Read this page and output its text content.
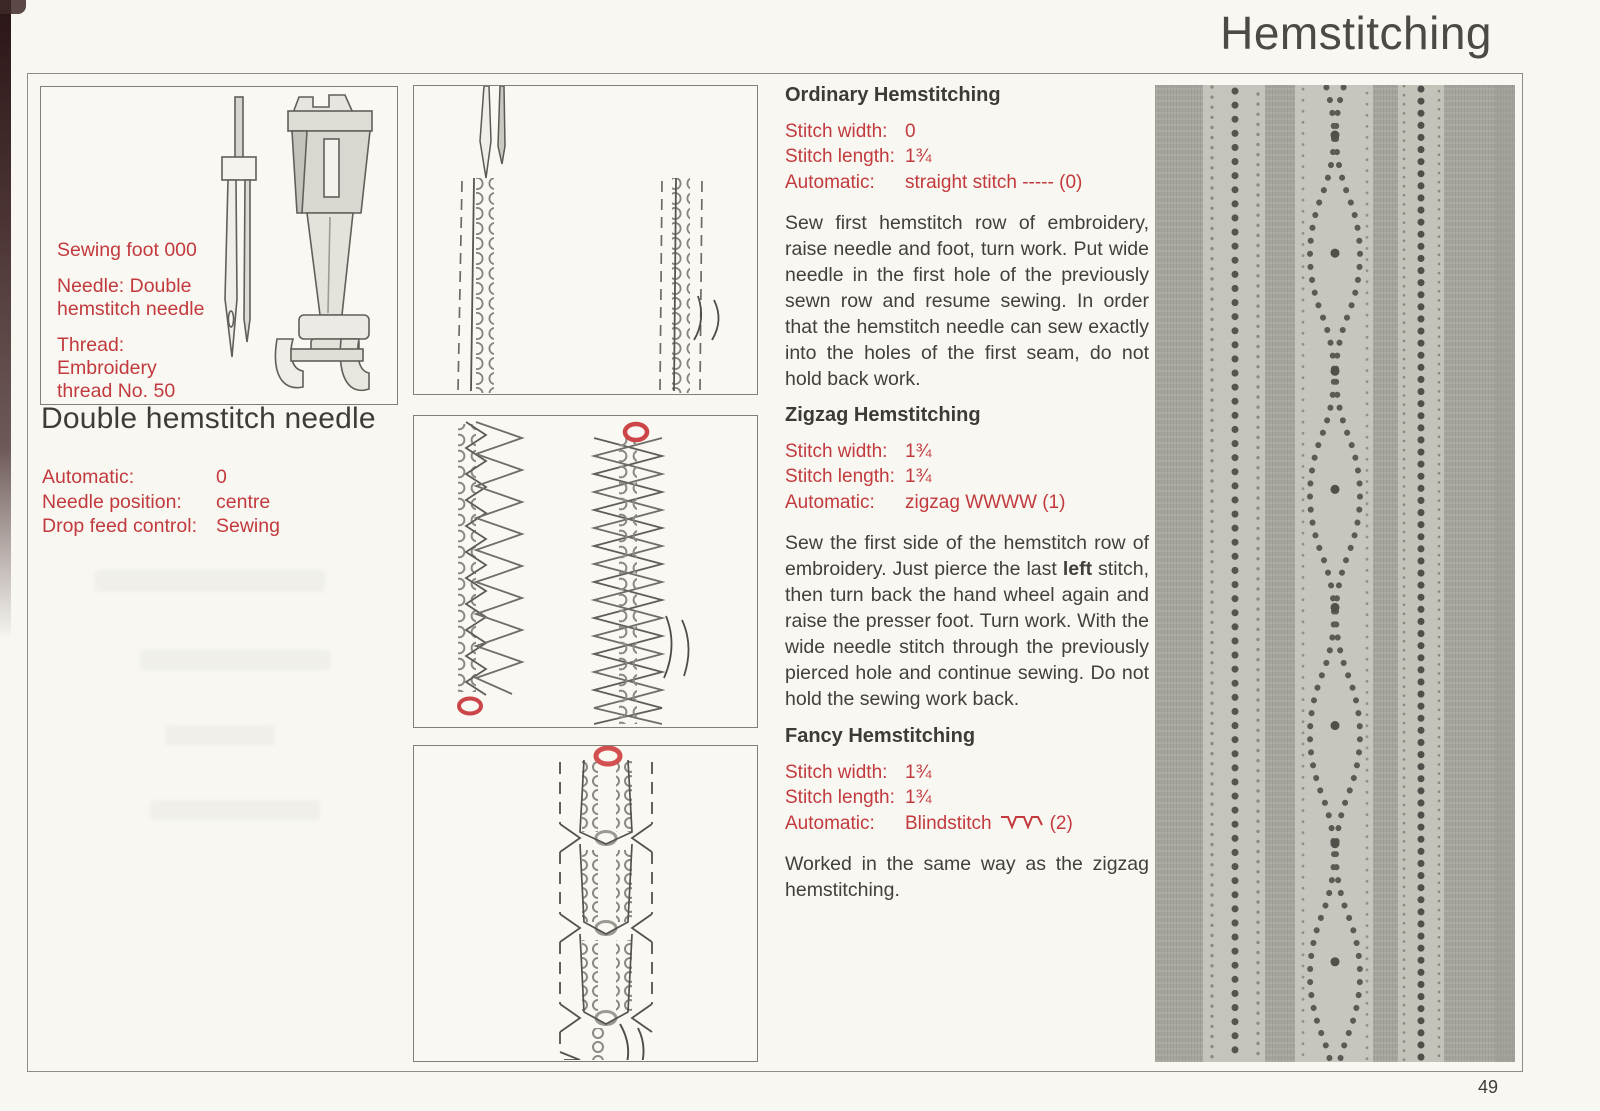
Hemstitching
Sewing foot 000
Needle: Double hemstitch needle
Thread: Embroidery thread No. 50
Double hemstitch needle
Automatic:	0
Needle position:	centre
Drop feed control: Sewing
Ordinary Hemstitching
Stitch width: 0
Stitch length: 1¾
Automatic:	straight stitch ----- (0)

Sew first hemstitch row of embroidery, raise needle and foot, turn work. Put wide needle in the first hole of the previously sewn row and resume sewing. In order that the hemstitch needle can sew exactly into the holes of the first seam, do not hold back work.

Zigzag Hemstitching
Stitch width: 1¾
Stitch length: 1¾
Automatic:	zigzag WWWW (1)

Sew the first side of the hemstitch row of embroidery. Just pierce the last left stitch, then turn back the hand wheel again and raise the presser foot. Turn work. With the wide needle stitch through the previously pierced hole and continue sewing. Do not hold the sewing work back.

Fancy Hemstitching
Stitch width: 1¾
Stitch length: 1¾
Automatic:	Blindstitch	(2)

Worked in the same way as the zigzag hemstitching.

49
